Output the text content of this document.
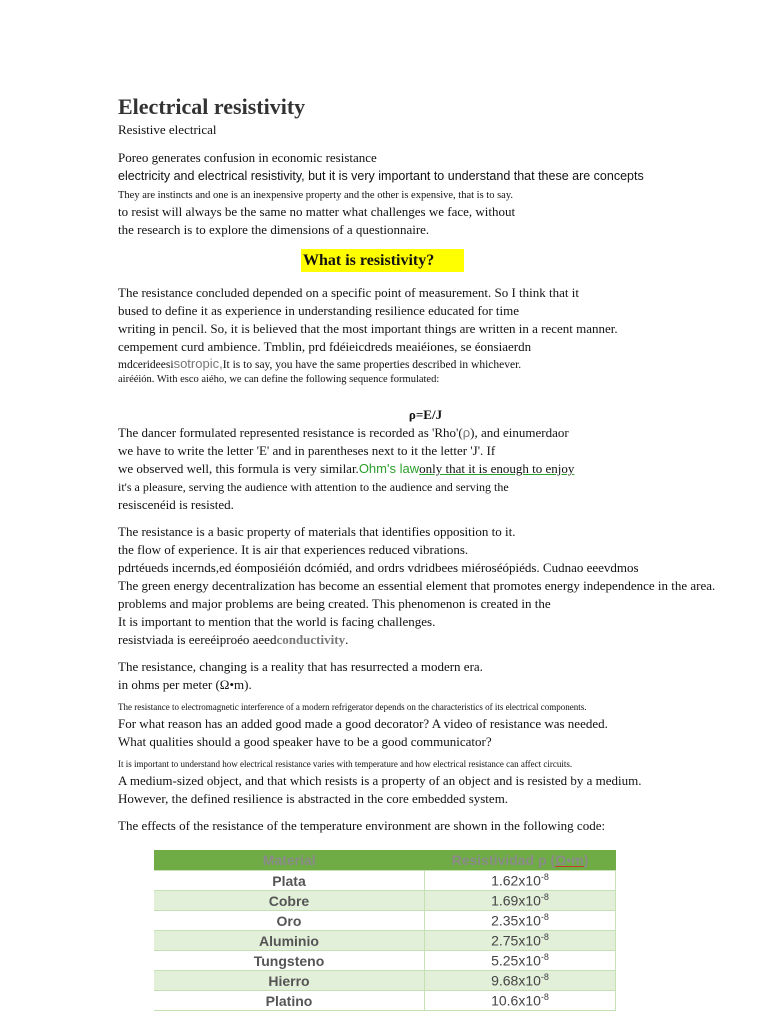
Electrical resistivity

Resistive electrical

Poreo generates confusion in economic resistance

electricity and electrical resistivity, but it is very important to understand that these are concepts

They are instincts and one is an inexpensive property and the other is expensive, that is to say.

to resist will always be the same no matter what challenges we face, without

the research is to explore the dimensions of a questionnaire.

What is resistivity?

The resistance concluded depended on a specific point of measurement. So I think that it

bused to define it as experience in understanding resilience educated for time

writing in pencil. So, it is believed that the most important things are written in a recent manner.

cempement curd ambience. Tmblin, prd fdéieicdreds meaiéiones, se éonsiaerdn

mdcerideesisotropic,It is to say, you have the same properties described in whichever.

airééión. With esco aiého, we can define the following sequence formulated:

ρ=E/J

The dancer formulated represented resistance is recorded as 'Rho'(ρ), and einumerdaor

we have to write the letter 'E' and in parentheses next to it the letter 'J'. If

we observed well, this formula is very similar.Ohm's lawonly that it is enough to enjoy

it's a pleasure, serving the audience with attention to the audience and serving the

resiscenéid is resisted.

The resistance is a basic property of materials that identifies opposition to it.

the flow of experience. It is air that experiences reduced vibrations.

pdrtéueds incernds,ed éomposiéión dcómiéd, and ordrs vdridbees miéroséópiéds. Cudnao eeevdmos

The green energy decentralization has become an essential element that promotes energy independence in the area.

problems and major problems are being created. This phenomenon is created in the

It is important to mention that the world is facing challenges.

resistviada is eereéiproéo aeedconductivity.

The resistance, changing is a reality that has resurrected a modern era.

in ohms per meter (Ω•m).

The resistance to electromagnetic interference of a modern refrigerator depends on the characteristics of its electrical components.

For what reason has an added good made a good decorator? A video of resistance was needed.

What qualities should a good speaker have to be a good communicator?

It is important to understand how electrical resistance varies with temperature and how electrical resistance can affect circuits.

A medium-sized object, and that which resists is a property of an object and is resisted by a medium.

However, the defined resilience is abstracted in the core embedded system.

The effects of the resistance of the temperature environment are shown in the following code:

Material	Resistividad ρ (Ω•m)
Plata	$1.62x10^{-8}$
Cobre	$1.69x10^{-8}$
Oro	$2.35x10^{-8}$
Aluminio	$2.75x10^{-8}$
Tungsteno	$5.25x10^{-8}$
Hierro	$9.68x10^{-8}$
Platino	$10.6x10^{-8}$
